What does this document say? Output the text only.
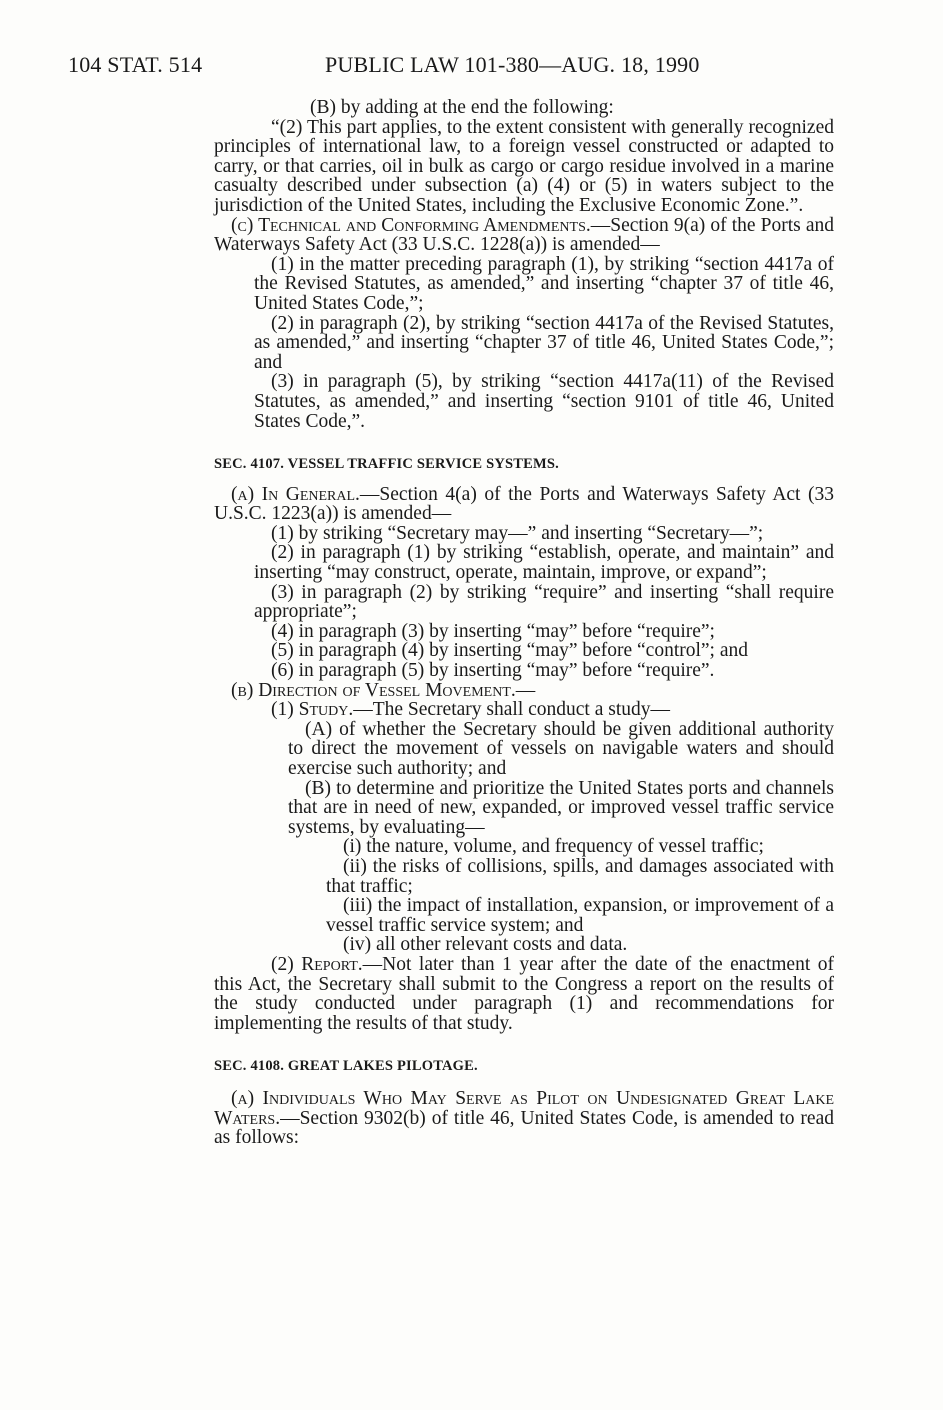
104 STAT. 514	PUBLIC LAW 101-380—AUG. 18, 1990

(B) by adding at the end the following:

“(2) This part applies, to the extent consistent with generally recognized principles of international law, to a foreign vessel constructed or adapted to carry, or that carries, oil in bulk as cargo or cargo residue involved in a marine casualty described under subsection (a) (4) or (5) in waters subject to the jurisdiction of the United States, including the Exclusive Economic Zone.”.

(c) Technical and Conforming Amendments.—Section 9(a) of the Ports and Waterways Safety Act (33 U.S.C. 1228(a)) is amended—

(1) in the matter preceding paragraph (1), by striking “section 4417a of the Revised Statutes, as amended,” and inserting “chapter 37 of title 46, United States Code,”;

(2) in paragraph (2), by striking “section 4417a of the Revised Statutes, as amended,” and inserting “chapter 37 of title 46, United States Code,”; and

(3) in paragraph (5), by striking “section 4417a(11) of the Revised Statutes, as amended,” and inserting “section 9101 of title 46, United States Code,”.

SEC. 4107. VESSEL TRAFFIC SERVICE SYSTEMS.

(a) In General.—Section 4(a) of the Ports and Waterways Safety Act (33 U.S.C. 1223(a)) is amended—

(1) by striking “Secretary may—” and inserting “Secretary—”;

(2) in paragraph (1) by striking “establish, operate, and maintain” and inserting “may construct, operate, maintain, improve, or expand”;

(3) in paragraph (2) by striking “require” and inserting “shall require appropriate”;

(4) in paragraph (3) by inserting “may” before “require”;

(5) in paragraph (4) by inserting “may” before “control”; and

(6) in paragraph (5) by inserting “may” before “require”.

(b) Direction of Vessel Movement.—

(1) Study.—The Secretary shall conduct a study—

(A) of whether the Secretary should be given additional authority to direct the movement of vessels on navigable waters and should exercise such authority; and

(B) to determine and prioritize the United States ports and channels that are in need of new, expanded, or improved vessel traffic service systems, by evaluating—

(i) the nature, volume, and frequency of vessel traffic;

(ii) the risks of collisions, spills, and damages associated with that traffic;

(iii) the impact of installation, expansion, or improvement of a vessel traffic service system; and

(iv) all other relevant costs and data.

(2) Report.—Not later than 1 year after the date of the enactment of this Act, the Secretary shall submit to the Congress a report on the results of the study conducted under paragraph (1) and recommendations for implementing the results of that study.

SEC. 4108. GREAT LAKES PILOTAGE.

(a) Individuals Who May Serve as Pilot on Undesignated Great Lake Waters.—Section 9302(b) of title 46, United States Code, is amended to read as follows:
